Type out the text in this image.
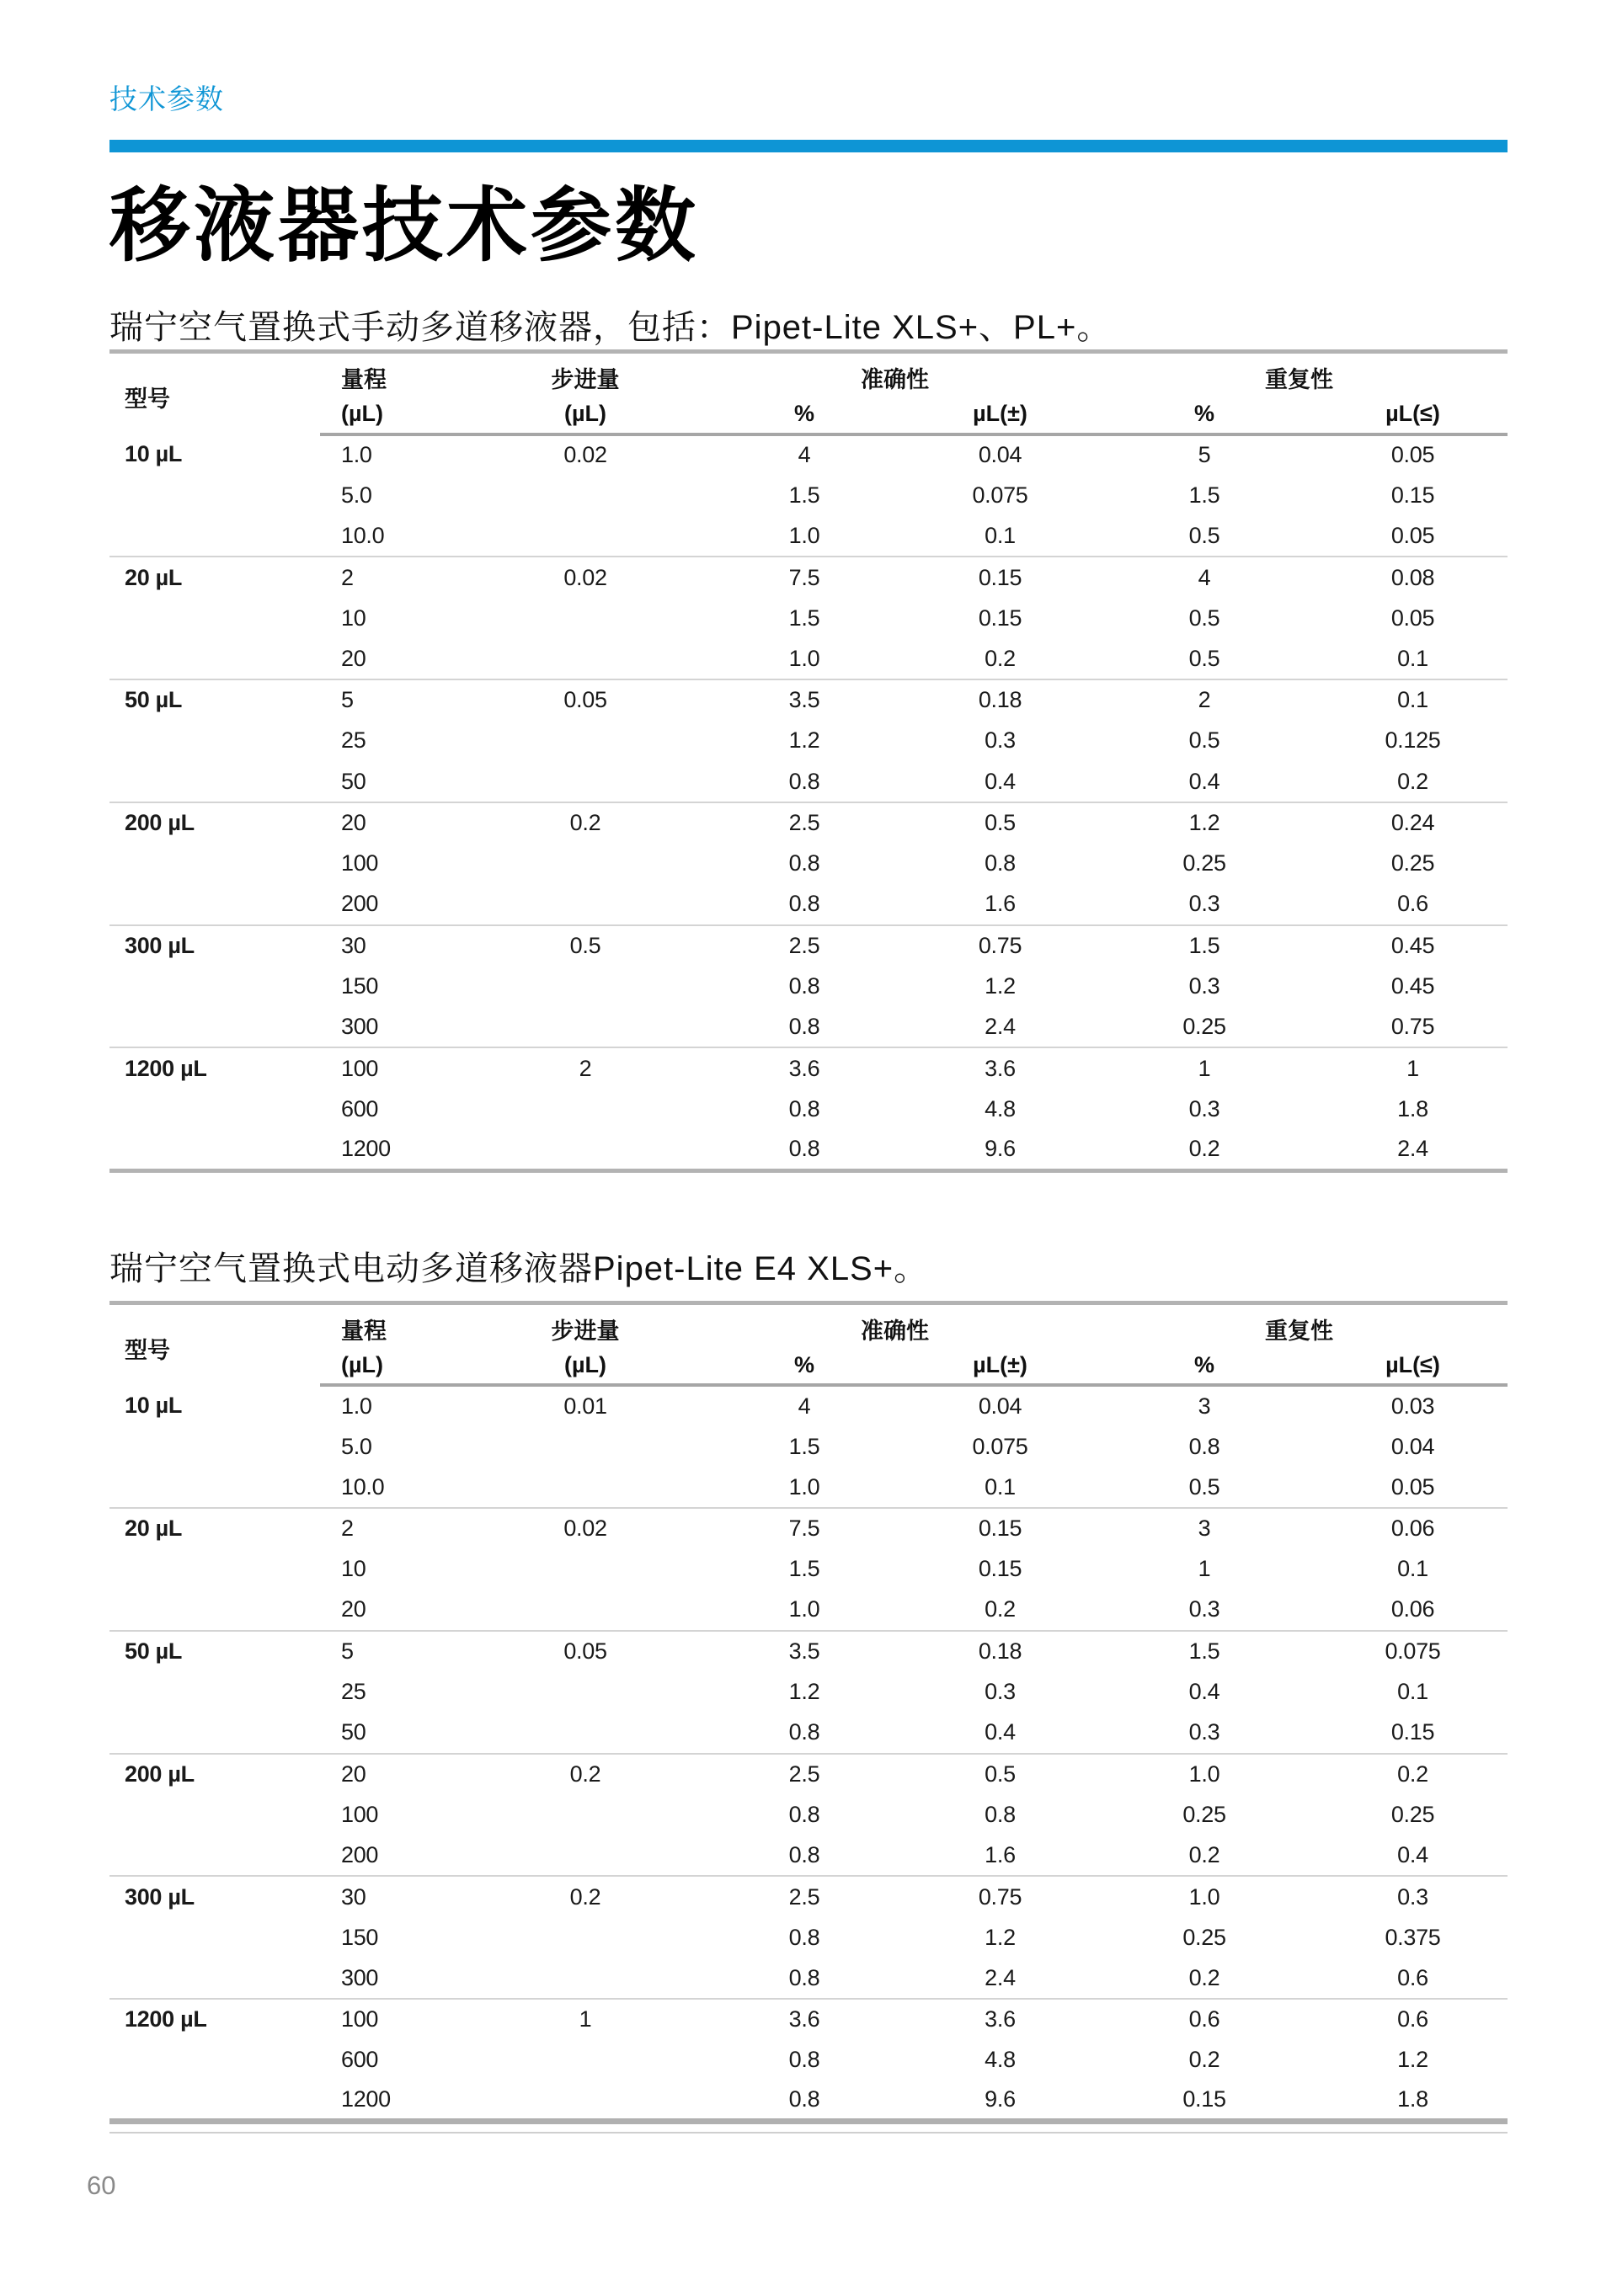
技术参数
移液器技术参数

瑞宁空气置换式手动多道移液器，包括：Pipet-Lite XLS+、PL+。

型号	量程	步进量	准确性		重复性	
	(µL)	(µL)	%	µL(±)	%	µL(≤)
10 µL	1.0	0.02	4	0.04	5	0.05
	5.0		1.5	0.075	1.5	0.15
	10.0		1.0	0.1	0.5	0.05
20 µL	2	0.02	7.5	0.15	4	0.08
	10		1.5	0.15	0.5	0.05
	20		1.0	0.2	0.5	0.1
50 µL	5	0.05	3.5	0.18	2	0.1
	25		1.2	0.3	0.5	0.125
	50		0.8	0.4	0.4	0.2
200 µL	20	0.2	2.5	0.5	1.2	0.24
	100		0.8	0.8	0.25	0.25
	200		0.8	1.6	0.3	0.6
300 µL	30	0.5	2.5	0.75	1.5	0.45
	150		0.8	1.2	0.3	0.45
	300		0.8	2.4	0.25	0.75
1200 µL	100	2	3.6	3.6	1	1
	600		0.8	4.8	0.3	1.8
	1200		0.8	9.6	0.2	2.4

瑞宁空气置换式电动多道移液器Pipet-Lite E4 XLS+。

型号	量程	步进量	准确性		重复性	
	(µL)	(µL)	%	µL(±)	%	µL(≤)
10 µL	1.0	0.01	4	0.04	3	0.03
	5.0		1.5	0.075	0.8	0.04
	10.0		1.0	0.1	0.5	0.05
20 µL	2	0.02	7.5	0.15	3	0.06
	10		1.5	0.15	1	0.1
	20		1.0	0.2	0.3	0.06
50 µL	5	0.05	3.5	0.18	1.5	0.075
	25		1.2	0.3	0.4	0.1
	50		0.8	0.4	0.3	0.15
200 µL	20	0.2	2.5	0.5	1.0	0.2
	100		0.8	0.8	0.25	0.25
	200		0.8	1.6	0.2	0.4
300 µL	30	0.2	2.5	0.75	1.0	0.3
	150		0.8	1.2	0.25	0.375
	300		0.8	2.4	0.2	0.6
1200 µL	100	1	3.6	3.6	0.6	0.6
	600		0.8	4.8	0.2	1.2
	1200		0.8	9.6	0.15	1.8
60
